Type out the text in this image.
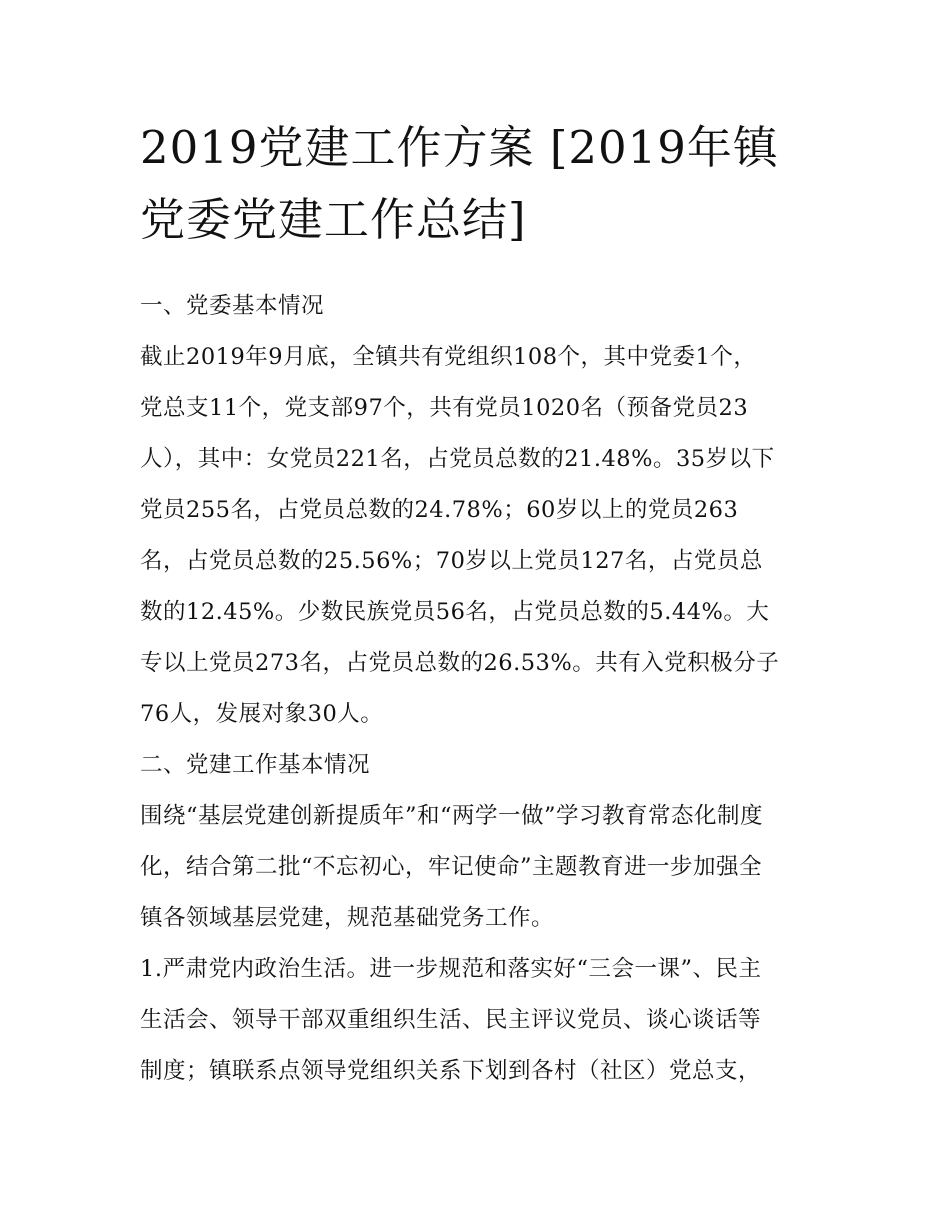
2019党建工作方案 [2019年镇
党委党建工作总结]

一、党委基本情况

截止2019年9月底，全镇共有党组织108个，其中党委1个，

党总支11个，党支部97个，共有党员1020名（预备党员23

人），其中：女党员221名，占党员总数的21.48%。35岁以下

党员255名，占党员总数的24.78%；60岁以上的党员263

名，占党员总数的25.56%；70岁以上党员127名，占党员总

数的12.45%。少数民族党员56名，占党员总数的5.44%。大

专以上党员273名，占党员总数的26.53%。共有入党积极分子

76人，发展对象30人。

二、党建工作基本情况

围绕“基层党建创新提质年”和“两学一做”学习教育常态化制度

化，结合第二批“不忘初心，牢记使命”主题教育进一步加强全

镇各领域基层党建，规范基础党务工作。

1.严肃党内政治生活。进一步规范和落实好“三会一课”、民主

生活会、领导干部双重组织生活、民主评议党员、谈心谈话等

制度；镇联系点领导党组织关系下划到各村（社区）党总支，
